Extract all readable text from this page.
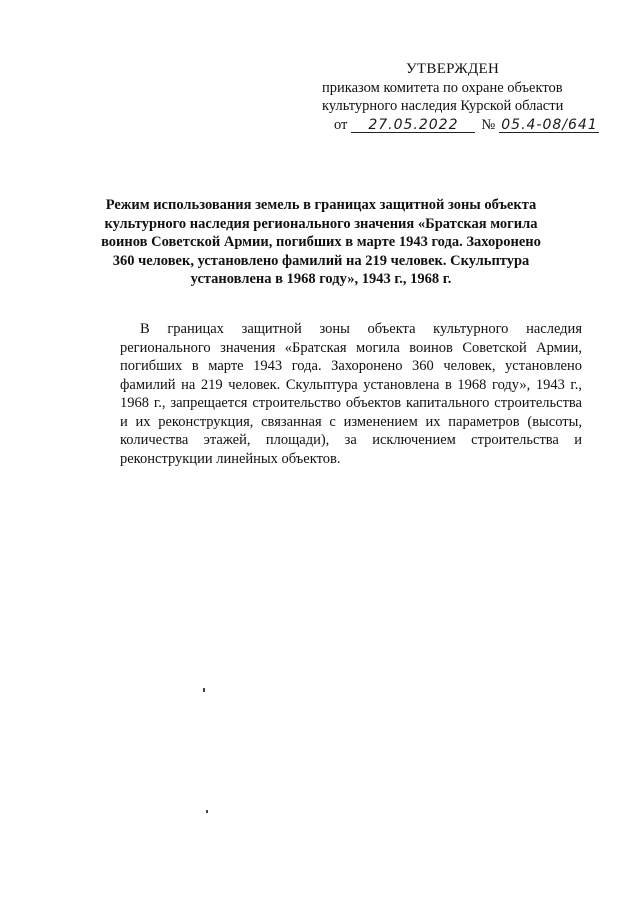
УТВЕРЖДЕН
приказом комитета по охране объектов
культурного наследия Курской области
от 27.05.2022 № 05.4-08/641
Режим использования земель в границах защитной зоны объекта культурного наследия регионального значения «Братская могила воинов Советской Армии, погибших в марте 1943 года. Захоронено 360 человек, установлено фамилий на 219 человек. Скульптура установлена в 1968 году», 1943 г., 1968 г.
В границах защитной зоны объекта культурного наследия регионального значения «Братская могила воинов Советской Армии, погибших в марте 1943 года. Захоронено 360 человек, установлено фамилий на 219 человек. Скульптура установлена в 1968 году», 1943 г., 1968 г., запрещается строительство объектов капитального строительства и их реконструкция, связанная с изменением их параметров (высоты, количества этажей, площади), за исключением строительства и реконструкции линейных объектов.
